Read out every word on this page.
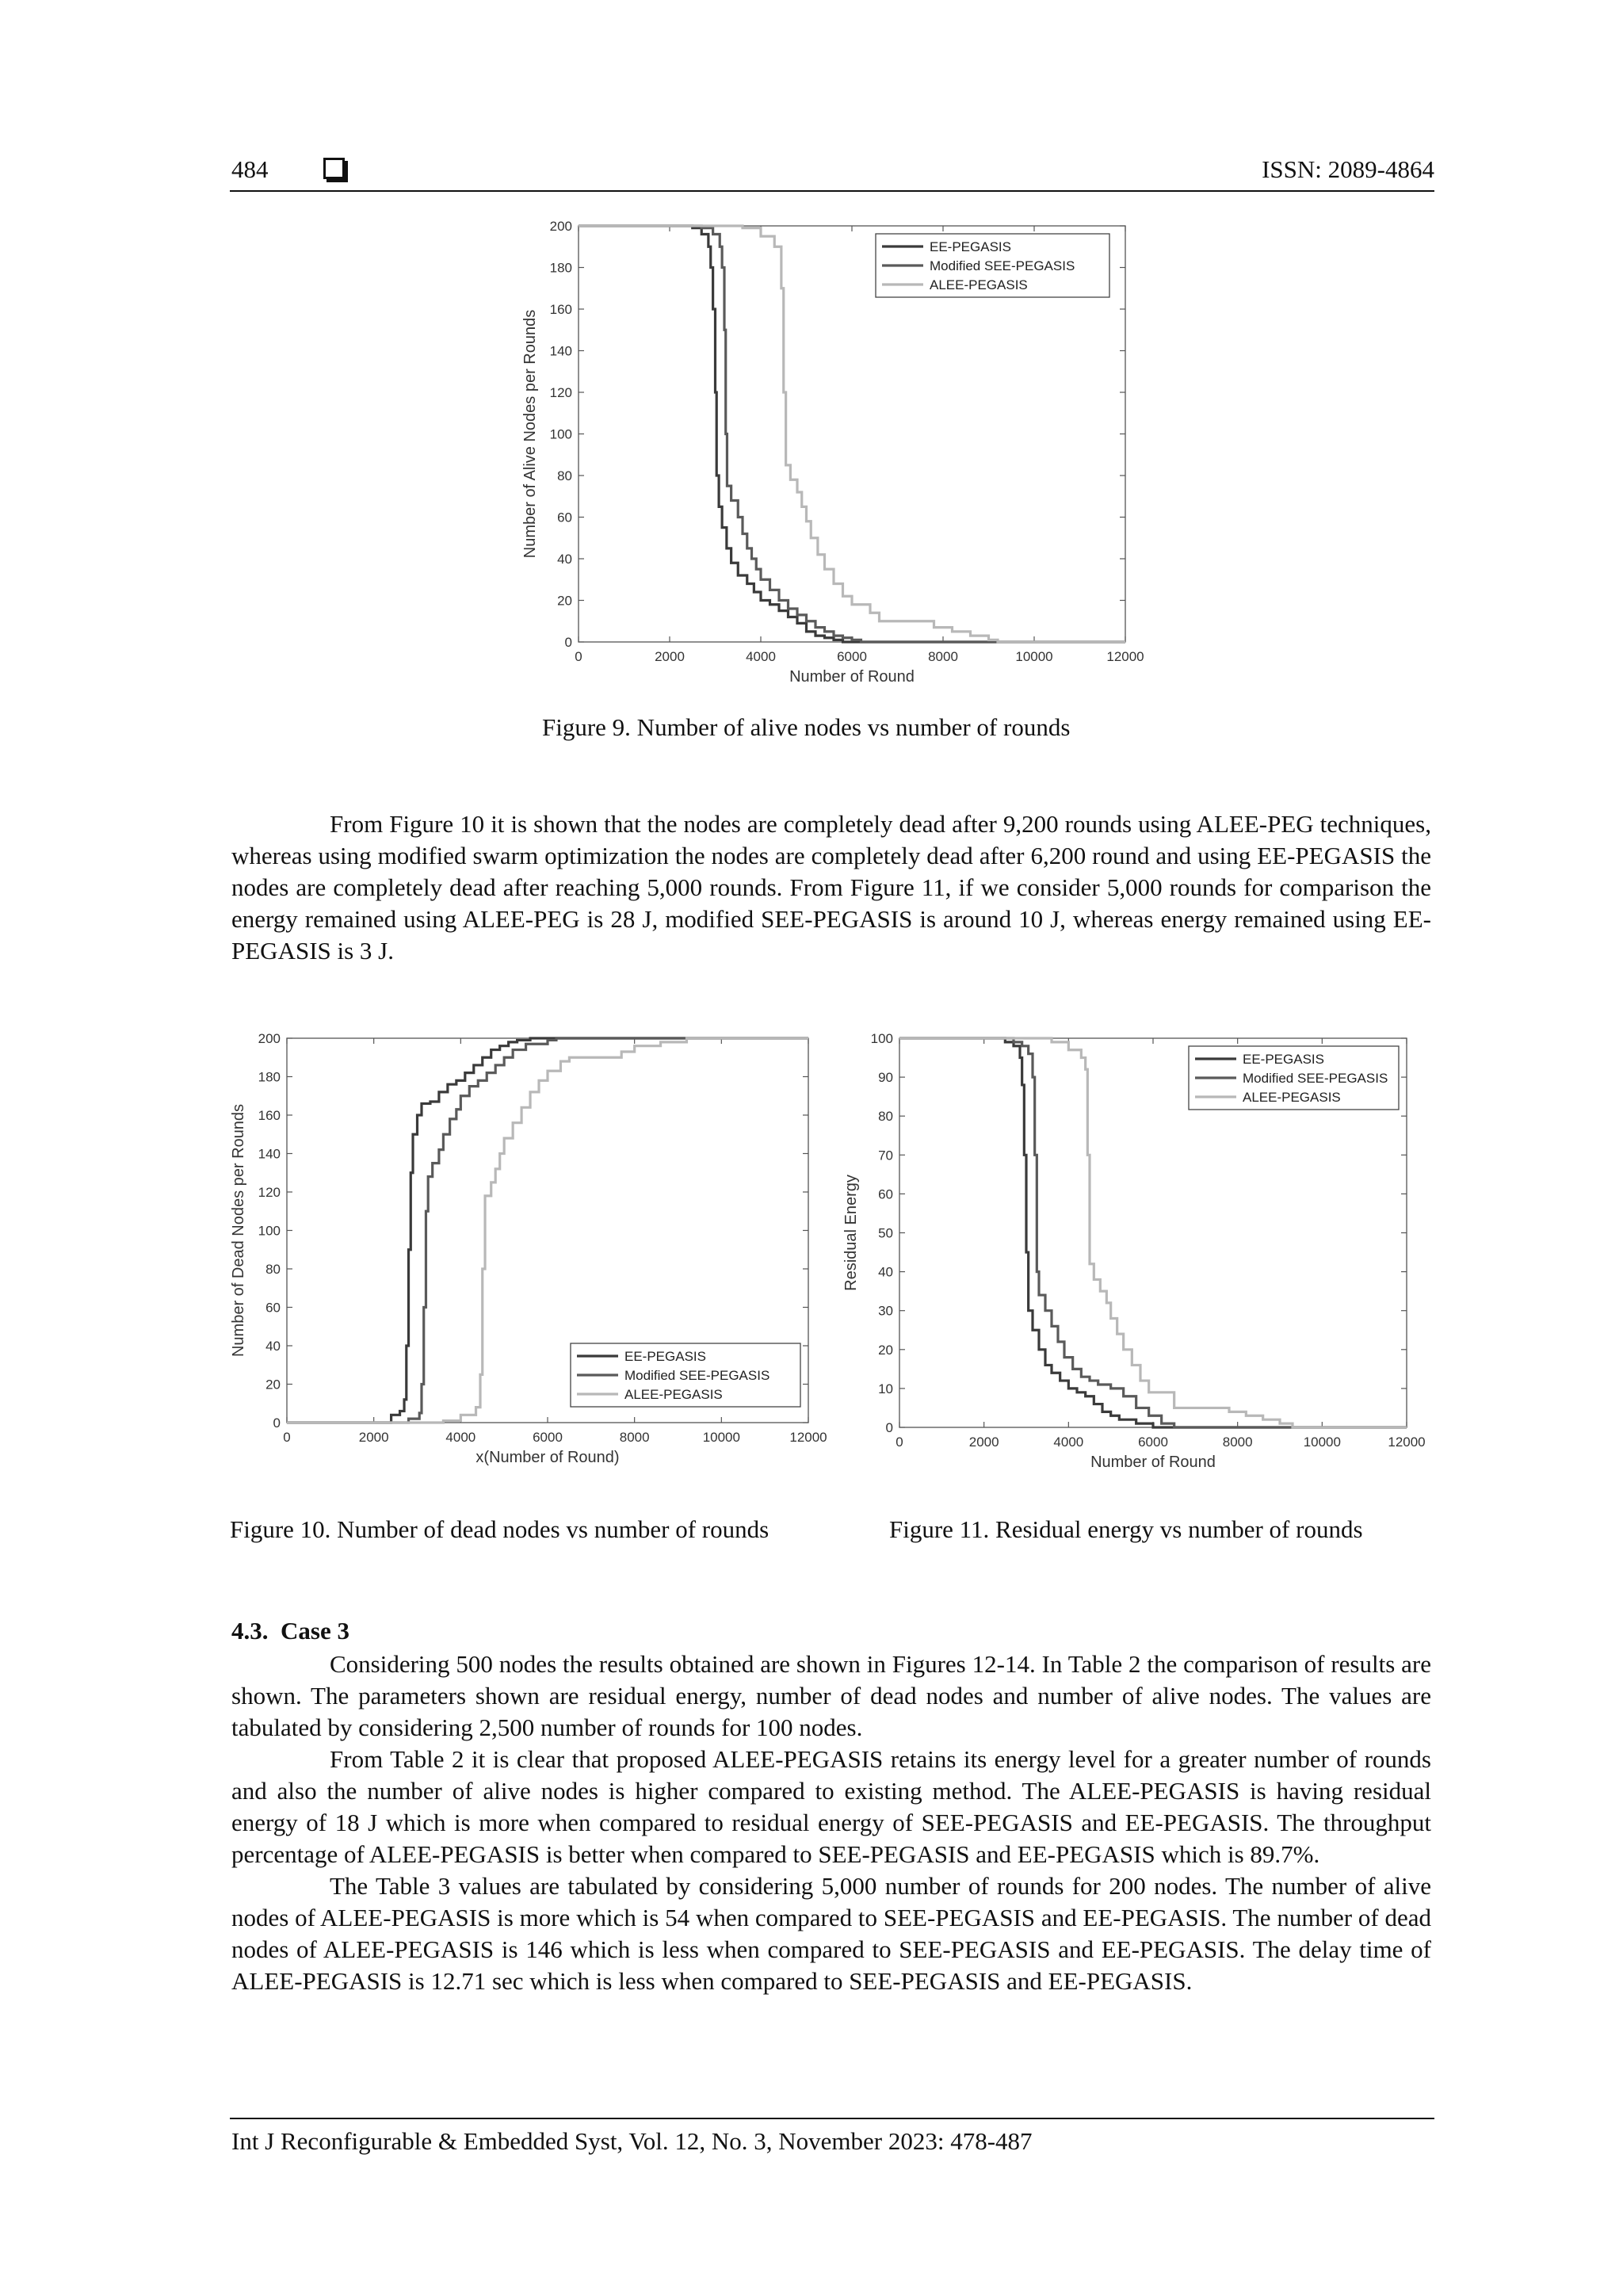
484	ISSN: 2089-4864
0	2000	4000	6000	8000	10000	12000
0
20
40
60
80
100
120
140
160
180
200
Number of Round
Number of Alive Nodes per Rounds
EE-PEGASIS
Modified SEE-PEGASIS
ALEE-PEGASIS
Figure 9. Number of alive nodes vs number of rounds
From Figure 10 it is shown that the nodes are completely dead after 9,200 rounds using ALEE-PEG techniques, whereas using modified swarm optimization the nodes are completely dead after 6,200 round and using EE-PEGASIS the nodes are completely dead after reaching 5,000 rounds. From Figure 11, if we consider 5,000 rounds for comparison the energy remained using ALEE-PEG is 28 J, modified SEE-PEGASIS is around 10 J, whereas energy remained using EE-PEGASIS is 3 J.
0	2000	4000	6000	8000	10000	12000
0
20
40
60
80
100
120
140
160
180
200
x(Number of Round)
Number of Dead Nodes per Rounds	EE-PEGASIS
Modified SEE-PEGASIS
ALEE-PEGASIS
Figure 10. Number of dead nodes vs number of rounds
0	2000	4000	6000	8000	10000	12000
0
10
20
30
40
50
60
70
80
90
100
Number of Round
Residual Energy
EE-PEGASIS
Modified SEE-PEGASIS
ALEE-PEGASIS
Figure 11. Residual energy vs number of rounds
4.3.  Case 3

Considering 500 nodes the results obtained are shown in Figures 12-14. In Table 2 the comparison of results are shown. The parameters shown are residual energy, number of dead nodes and number of alive nodes. The values are tabulated by considering 2,500 number of rounds for 100 nodes.

From Table 2 it is clear that proposed ALEE-PEGASIS retains its energy level for a greater number of rounds and also the number of alive nodes is higher compared to existing method. The ALEE-PEGASIS is having residual energy of 18 J which is more when compared to residual energy of SEE-PEGASIS and EE-PEGASIS. The throughput percentage of ALEE-PEGASIS is better when compared to SEE-PEGASIS and EE-PEGASIS which is 89.7%.

The Table 3 values are tabulated by considering 5,000 number of rounds for 200 nodes. The number of alive nodes of ALEE-PEGASIS is more which is 54 when compared to SEE-PEGASIS and EE-PEGASIS. The number of dead nodes of ALEE-PEGASIS is 146 which is less when compared to SEE-PEGASIS and EE-PEGASIS. The delay time of ALEE-PEGASIS is 12.71 sec which is less when compared to SEE-PEGASIS and EE-PEGASIS.

Int J Reconfigurable & Embedded Syst, Vol. 12, No. 3, November 2023: 478-487
